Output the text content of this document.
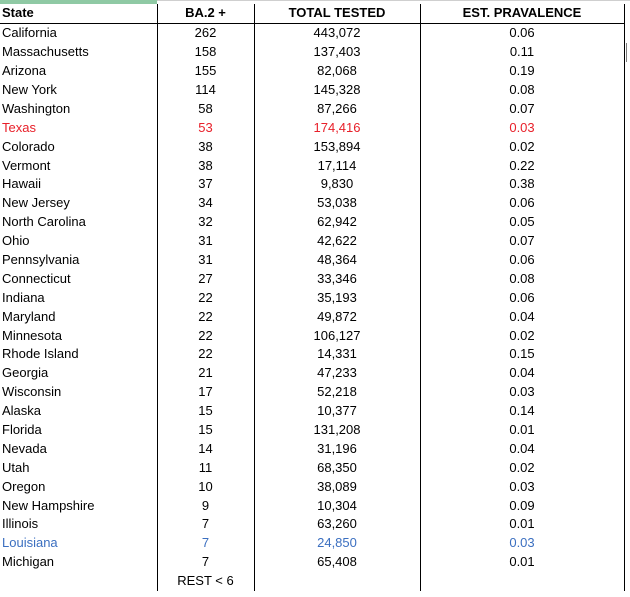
State	BA.2 +	TOTAL TESTED	EST. PRAVALENCE
California	262	443,072	0.06
Massachusetts	158	137,403	0.11
Arizona	155	82,068	0.19
New York	114	145,328	0.08
Washington	58	87,266	0.07
Texas	53	174,416	0.03
Colorado	38	153,894	0.02
Vermont	38	17,114	0.22
Hawaii	37	9,830	0.38
New Jersey	34	53,038	0.06
North Carolina	32	62,942	0.05
Ohio	31	42,622	0.07
Pennsylvania	31	48,364	0.06
Connecticut	27	33,346	0.08
Indiana	22	35,193	0.06
Maryland	22	49,872	0.04
Minnesota	22	106,127	0.02
Rhode Island	22	14,331	0.15
Georgia	21	47,233	0.04
Wisconsin	17	52,218	0.03
Alaska	15	10,377	0.14
Florida	15	131,208	0.01
Nevada	14	31,196	0.04
Utah	11	68,350	0.02
Oregon	10	38,089	0.03
New Hampshire	9	10,304	0.09
Illinois	7	63,260	0.01
Louisiana	7	24,850	0.03
Michigan	7	65,408	0.01
	REST < 6		
